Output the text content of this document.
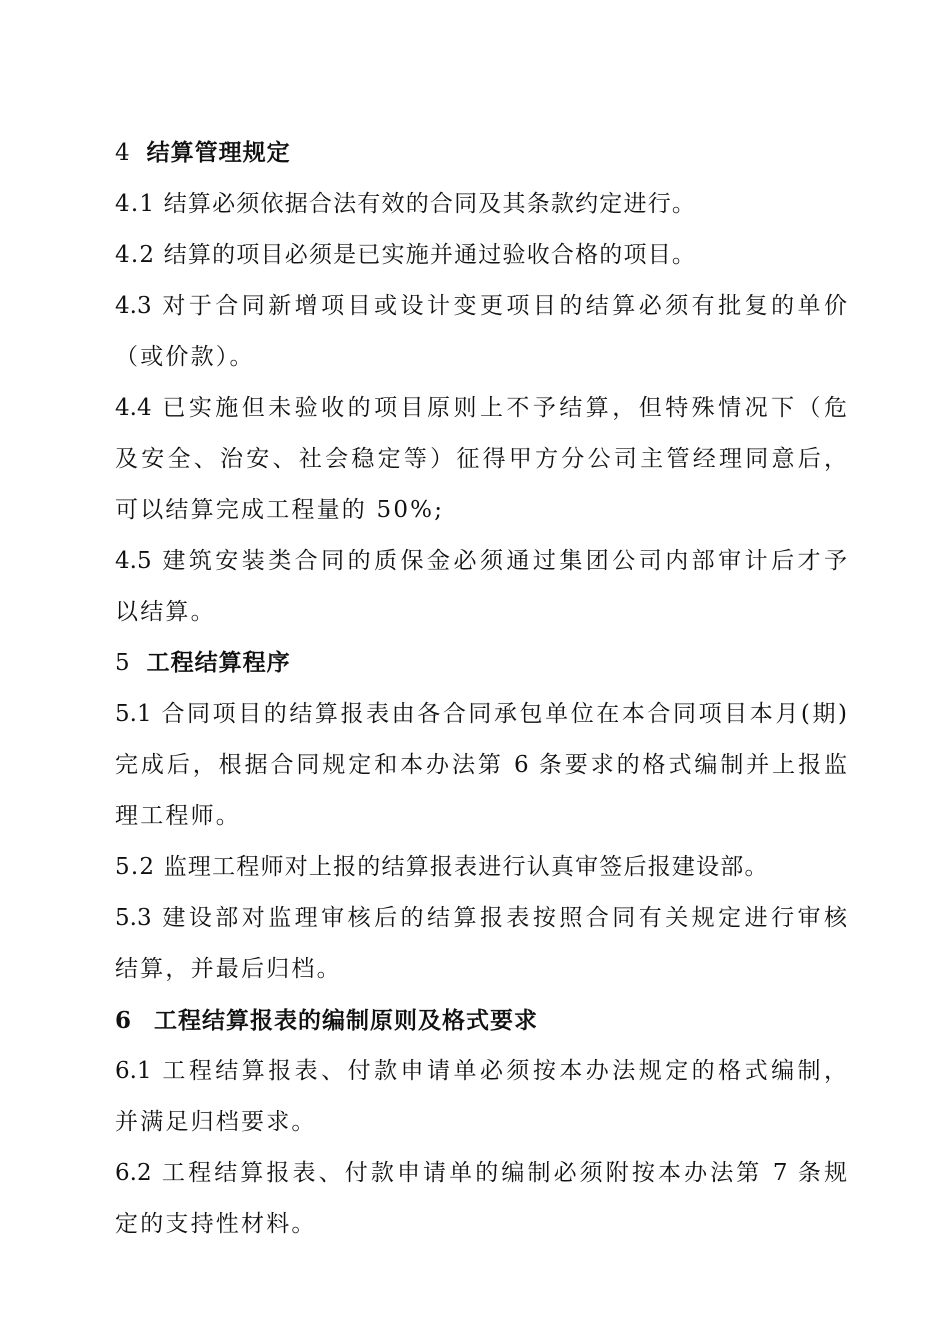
4 结算管理规定
4.1 结算必须依据合法有效的合同及其条款约定进行。
4.2 结算的项目必须是已实施并通过验收合格的项目。
4.3 对于合同新增项目或设计变更项目的结算必须有批复的单价
（或价款）。
4.4 已实施但未验收的项目原则上不予结算，但特殊情况下（危
及安全、治安、社会稳定等）征得甲方分公司主管经理同意后，
可以结算完成工程量的 50%;
4.5 建筑安装类合同的质保金必须通过集团公司内部审计后才予
以结算。
5 工程结算程序
5.1 合同项目的结算报表由各合同承包单位在本合同项目本月(期)
完成后，根据合同规定和本办法第 6 条要求的格式编制并上报监
理工程师。
5.2 监理工程师对上报的结算报表进行认真审签后报建设部。
5.3 建设部对监理审核后的结算报表按照合同有关规定进行审核
结算，并最后归档。
6 工程结算报表的编制原则及格式要求
6.1 工程结算报表、付款申请单必须按本办法规定的格式编制，
并满足归档要求。
6.2 工程结算报表、付款申请单的编制必须附按本办法第 7 条规
定的支持性材料。
